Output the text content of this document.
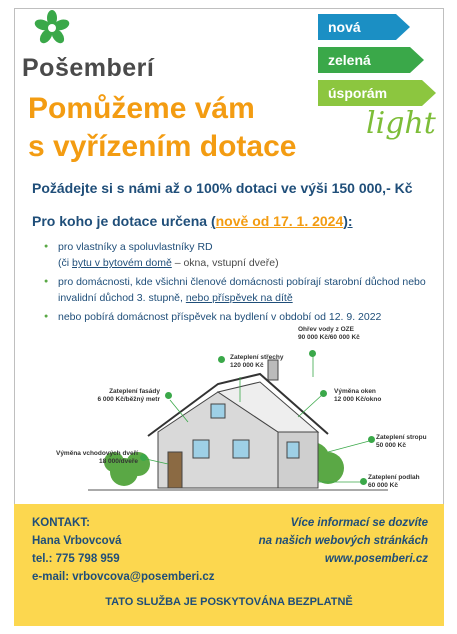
Pošemberí
nová
zelená
úsporám
light
Pomůžeme vám
s vyřízením dotace
Požádejte si s námi až o 100% dotaci ve výši 150 000,- Kč
Pro koho je dotace určena (nově od 17. 1. 2024):
● pro vlastníky a spoluvlastníky RD
(či bytu v bytovém domě – okna, vstupní dveře)
● pro domácnosti, kde všichni členové domácnosti pobírají starobní důchod nebo invalidní důchod 3. stupně, nebo příspěvek na dítě
● nebo pobírá domácnost příspěvek na bydlení v období od 12. 9. 2022
Ohřev vody z OZE
90 000 Kč/60 000 Kč
Zateplení střechy
120 000 Kč
Zateplení fasády
6 000 Kč/běžný metr
Výměna oken
12 000 Kč/okno
Zateplení stropu
50 000 Kč
Výměna vchodových dveří
18 000/dveře
Zateplení podlah
60 000 Kč
KONTAKT:
Hana Vrbovcová
tel.: 775 798 959
e-mail: vrbovcova@posemberi.cz
Více informací se dozvíte
na našich webových stránkách
www.posemberi.cz
TATO SLUŽBA JE POSKYTOVÁNA BEZPLATNĚ
